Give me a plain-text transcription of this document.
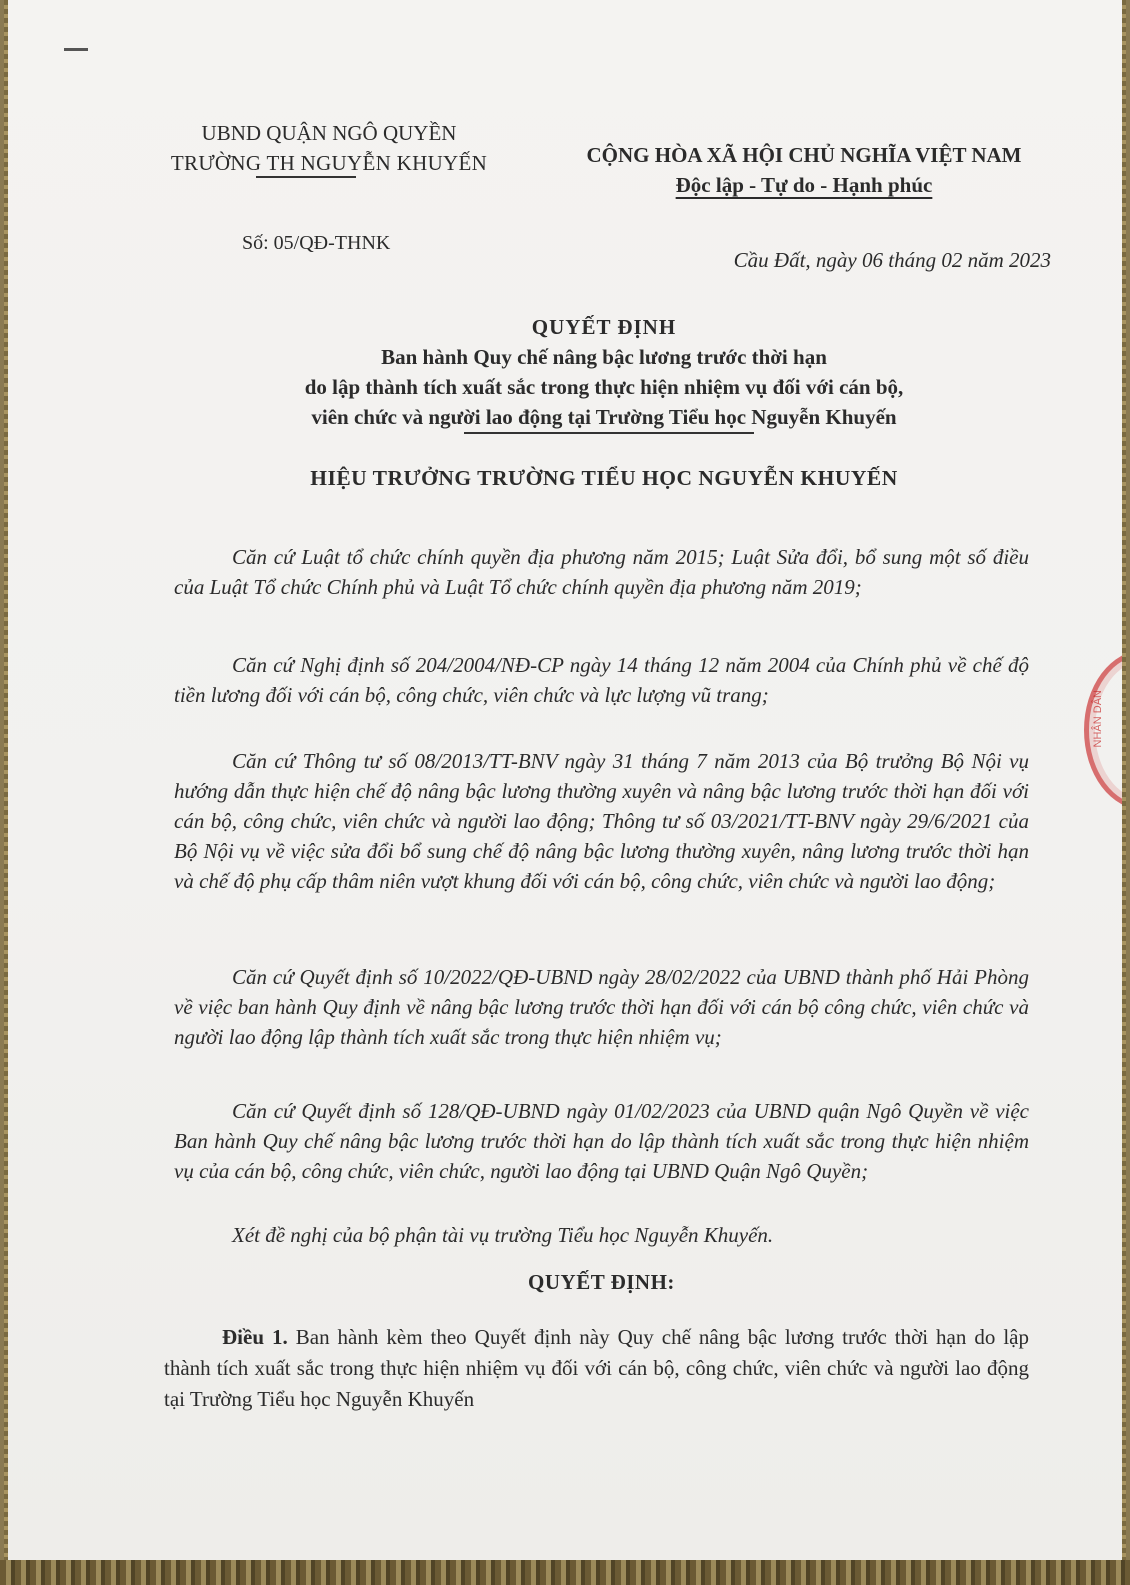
UBND QUẬN NGÔ QUYỀN
TRƯỜNG TH NGUYỄN KHUYẾN	CỘNG HÒA XÃ HỘI CHỦ NGHĨA VIỆT NAM
Độc lập - Tự do - Hạnh phúc
Số: 05/QĐ-THNK
Cầu Đất, ngày 06 tháng 02 năm 2023
QUYẾT ĐỊNH
Ban hành Quy chế nâng bậc lương trước thời hạn
do lập thành tích xuất sắc trong thực hiện nhiệm vụ đối với cán bộ,
viên chức và người lao động tại Trường Tiểu học Nguyễn Khuyến
HIỆU TRƯỞNG TRƯỜNG TIỂU HỌC NGUYỄN KHUYẾN

Căn cứ Luật tổ chức chính quyền địa phương năm 2015; Luật Sửa đổi, bổ sung một số điều của Luật Tổ chức Chính phủ và Luật Tổ chức chính quyền địa phương năm 2019;

Căn cứ Nghị định số 204/2004/NĐ-CP ngày 14 tháng 12 năm 2004 của Chính phủ về chế độ tiền lương đối với cán bộ, công chức, viên chức và lực lượng vũ trang;

Căn cứ Thông tư số 08/2013/TT-BNV ngày 31 tháng 7 năm 2013 của Bộ trưởng Bộ Nội vụ hướng dẫn thực hiện chế độ nâng bậc lương thường xuyên và nâng bậc lương trước thời hạn đối với cán bộ, công chức, viên chức và người lao động; Thông tư số 03/2021/TT-BNV ngày 29/6/2021 của Bộ Nội vụ về việc sửa đổi bổ sung chế độ nâng bậc lương thường xuyên, nâng lương trước thời hạn và chế độ phụ cấp thâm niên vượt khung đối với cán bộ, công chức, viên chức và người lao động;

Căn cứ Quyết định số 10/2022/QĐ-UBND ngày 28/02/2022 của UBND thành phố Hải Phòng về việc ban hành Quy định về nâng bậc lương trước thời hạn đối với cán bộ công chức, viên chức và người lao động lập thành tích xuất sắc trong thực hiện nhiệm vụ;

Căn cứ Quyết định số 128/QĐ-UBND ngày 01/02/2023 của UBND quận Ngô Quyền về việc Ban hành Quy chế nâng bậc lương trước thời hạn do lập thành tích xuất sắc trong thực hiện nhiệm vụ của cán bộ, công chức, viên chức, người lao động tại UBND Quận Ngô Quyền;

Xét đề nghị của bộ phận tài vụ trường Tiểu học Nguyễn Khuyến.

QUYẾT ĐỊNH:

Điều 1. Ban hành kèm theo Quyết định này Quy chế nâng bậc lương trước thời hạn do lập thành tích xuất sắc trong thực hiện nhiệm vụ đối với cán bộ, công chức, viên chức và người lao động tại Trường Tiểu học Nguyễn Khuyến

NHÂN DÂN
